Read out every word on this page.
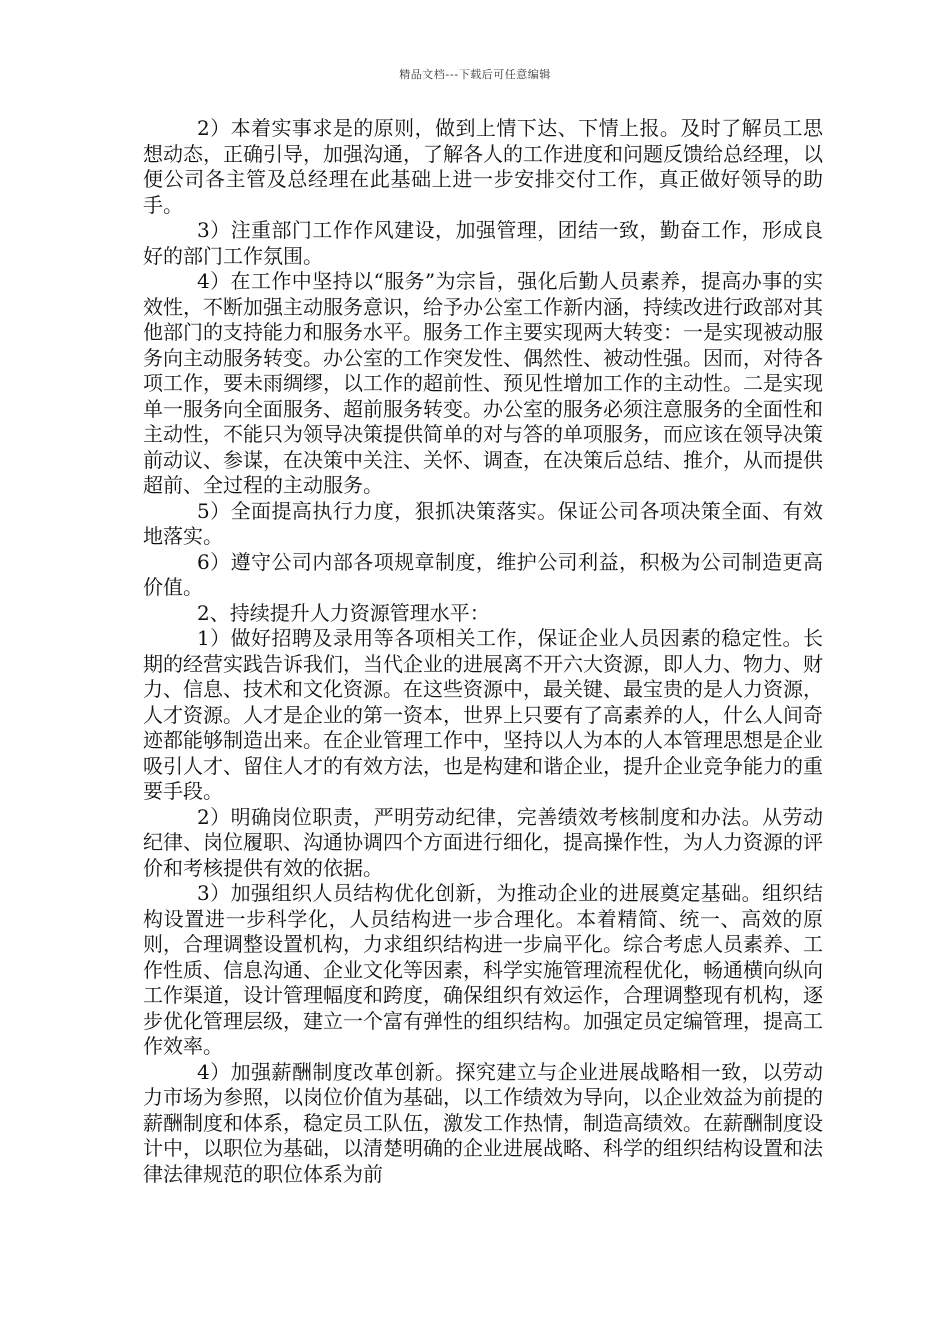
精品文档---下载后可任意编辑

2）本着实事求是的原则，做到上情下达、下情上报。及时了解员工思想动态，正确引导，加强沟通，了解各人的工作进度和问题反馈给总经理，以便公司各主管及总经理在此基础上进一步安排交付工作，真正做好领导的助手。

3）注重部门工作作风建设，加强管理，团结一致，勤奋工作，形成良好的部门工作氛围。

4）在工作中坚持以“服务”为宗旨，强化后勤人员素养，提高办事的实效性，不断加强主动服务意识，给予办公室工作新内涵，持续改进行政部对其他部门的支持能力和服务水平。服务工作主要实现两大转变：一是实现被动服务向主动服务转变。办公室的工作突发性、偶然性、被动性强。因而，对待各项工作，要未雨绸缪，以工作的超前性、预见性增加工作的主动性。二是实现单一服务向全面服务、超前服务转变。办公室的服务必须注意服务的全面性和主动性，不能只为领导决策提供简单的对与答的单项服务，而应该在领导决策前动议、参谋，在决策中关注、关怀、调查，在决策后总结、推介，从而提供超前、全过程的主动服务。

5）全面提高执行力度，狠抓决策落实。保证公司各项决策全面、有效地落实。

6）遵守公司内部各项规章制度，维护公司利益，积极为公司制造更高价值。

2、持续提升人力资源管理水平：

1）做好招聘及录用等各项相关工作，保证企业人员因素的稳定性。长期的经营实践告诉我们，当代企业的进展离不开六大资源，即人力、物力、财力、信息、技术和文化资源。在这些资源中，最关键、最宝贵的是人力资源，人才资源。人才是企业的第一资本，世界上只要有了高素养的人，什么人间奇迹都能够制造出来。在企业管理工作中，坚持以人为本的人本管理思想是企业吸引人才、留住人才的有效方法，也是构建和谐企业，提升企业竞争能力的重要手段。

2）明确岗位职责，严明劳动纪律，完善绩效考核制度和办法。从劳动纪律、岗位履职、沟通协调四个方面进行细化，提高操作性，为人力资源的评价和考核提供有效的依据。

3）加强组织人员结构优化创新，为推动企业的进展奠定基础。组织结构设置进一步科学化，人员结构进一步合理化。本着精简、统一、高效的原则，合理调整设置机构，力求组织结构进一步扁平化。综合考虑人员素养、工作性质、信息沟通、企业文化等因素，科学实施管理流程优化，畅通横向纵向工作渠道，设计管理幅度和跨度，确保组织有效运作，合理调整现有机构，逐步优化管理层级，建立一个富有弹性的组织结构。加强定员定编管理，提高工作效率。

4）加强薪酬制度改革创新。探究建立与企业进展战略相一致，以劳动力市场为参照，以岗位价值为基础，以工作绩效为导向，以企业效益为前提的薪酬制度和体系，稳定员工队伍，激发工作热情，制造高绩效。在薪酬制度设计中，以职位为基础，以清楚明确的企业进展战略、科学的组织结构设置和法律法律规范的职位体系为前
